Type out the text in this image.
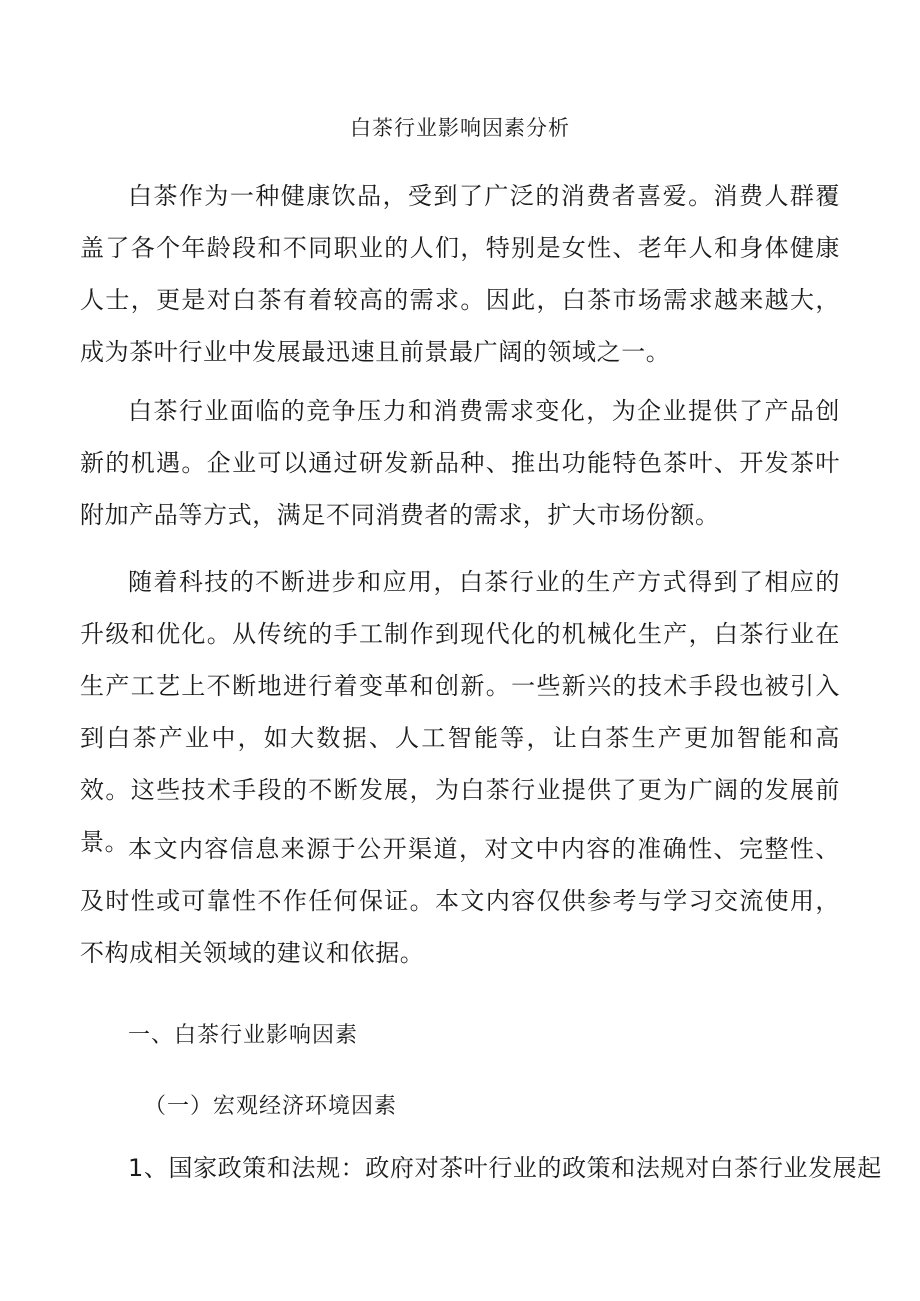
白茶行业影响因素分析

白茶作为一种健康饮品，受到了广泛的消费者喜爱。消费人群覆盖了各个年龄段和不同职业的人们，特别是女性、老年人和身体健康人士，更是对白茶有着较高的需求。因此，白茶市场需求越来越大，成为茶叶行业中发展最迅速且前景最广阔的领域之一。

白茶行业面临的竞争压力和消费需求变化，为企业提供了产品创新的机遇。企业可以通过研发新品种、推出功能特色茶叶、开发茶叶附加产品等方式，满足不同消费者的需求，扩大市场份额。

随着科技的不断进步和应用，白茶行业的生产方式得到了相应的升级和优化。从传统的手工制作到现代化的机械化生产，白茶行业在生产工艺上不断地进行着变革和创新。一些新兴的技术手段也被引入到白茶产业中，如大数据、人工智能等，让白茶生产更加智能和高效。这些技术手段的不断发展，为白茶行业提供了更为广阔的发展前景。

本文内容信息来源于公开渠道，对文中内容的准确性、完整性、及时性或可靠性不作任何保证。本文内容仅供参考与学习交流使用，不构成相关领域的建议和依据。

一、白茶行业影响因素
（一）宏观经济环境因素
1、国家政策和法规：政府对茶叶行业的政策和法规对白茶行业发展起
